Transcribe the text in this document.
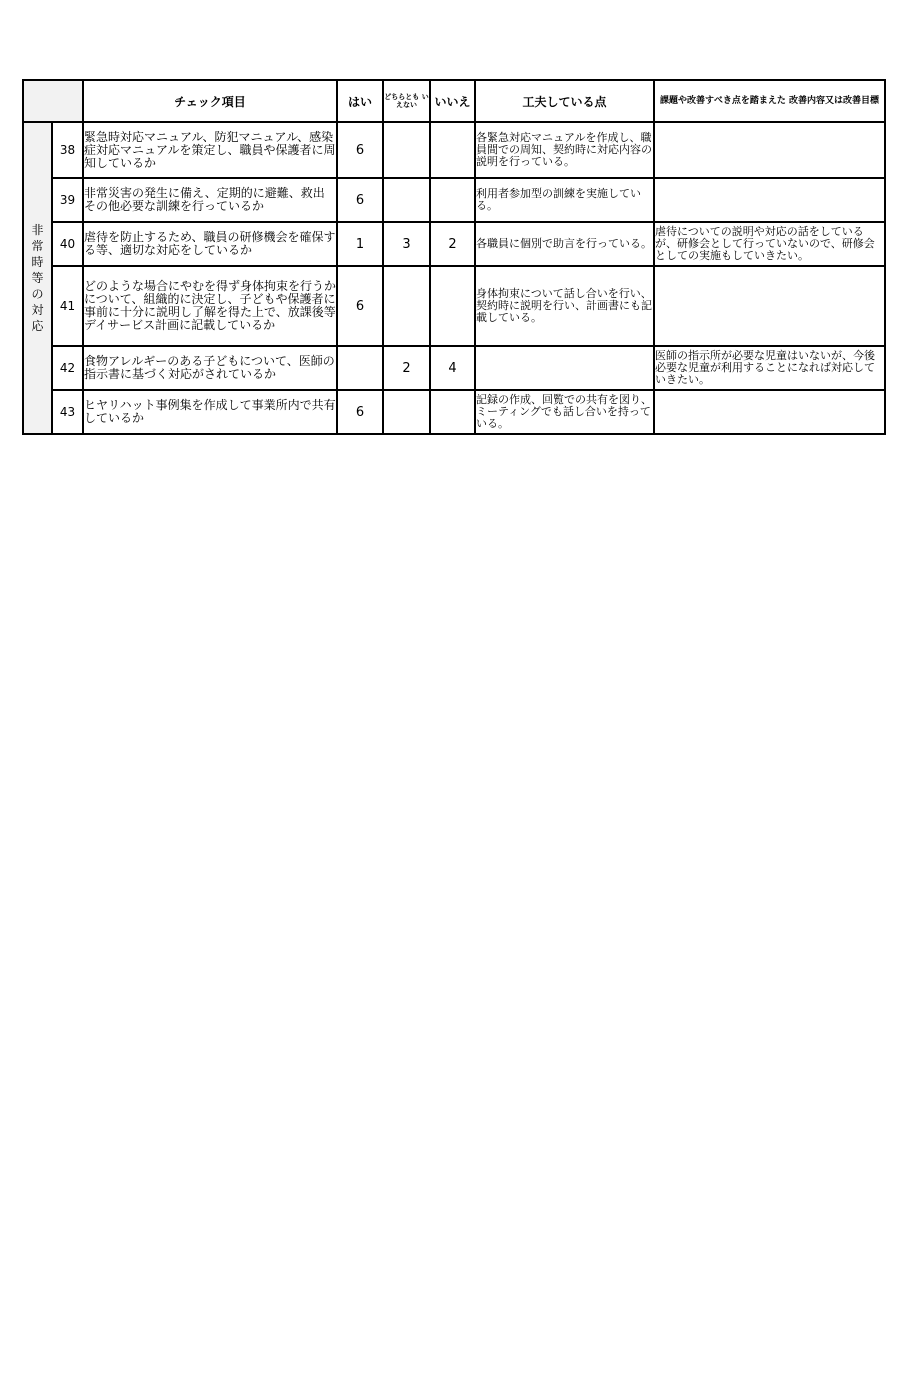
		チェック項目	はい	どちらとも いえない	いいえ	工夫している点	課題や改善すべき点を踏まえた 改善内容又は改善目標
非常時等の対応	38	緊急時対応マニュアル、防犯マニュアル、感染症対応マニュアルを策定し、職員や保護者に周知しているか	6			各緊急対応マニュアルを作成し、職員間での周知、契約時に対応内容の説明を行っている。	
	39	非常災害の発生に備え、定期的に避難、救出その他必要な訓練を行っているか	6			利用者参加型の訓練を実施している。	
	40	虐待を防止するため、職員の研修機会を確保する等、適切な対応をしているか	1	3	2	各職員に個別で助言を行っている。	虐待についての説明や対応の話をしているが、研修会として行っていないので、研修会としての実施もしていきたい。
	41	どのような場合にやむを得ず身体拘束を行うかについて、組織的に決定し、子どもや保護者に事前に十分に説明し了解を得た上で、放課後等デイサービス計画に記載しているか	6			身体拘束について話し合いを行い、契約時に説明を行い、計画書にも記載している。	
	42	食物アレルギーのある子どもについて、医師の指示書に基づく対応がされているか		2	4		医師の指示所が必要な児童はいないが、今後必要な児童が利用することになれば対応していきたい。
	43	ヒヤリハット事例集を作成して事業所内で共有しているか	6			記録の作成、回覧での共有を図り、ミーティングでも話し合いを持っている。	
